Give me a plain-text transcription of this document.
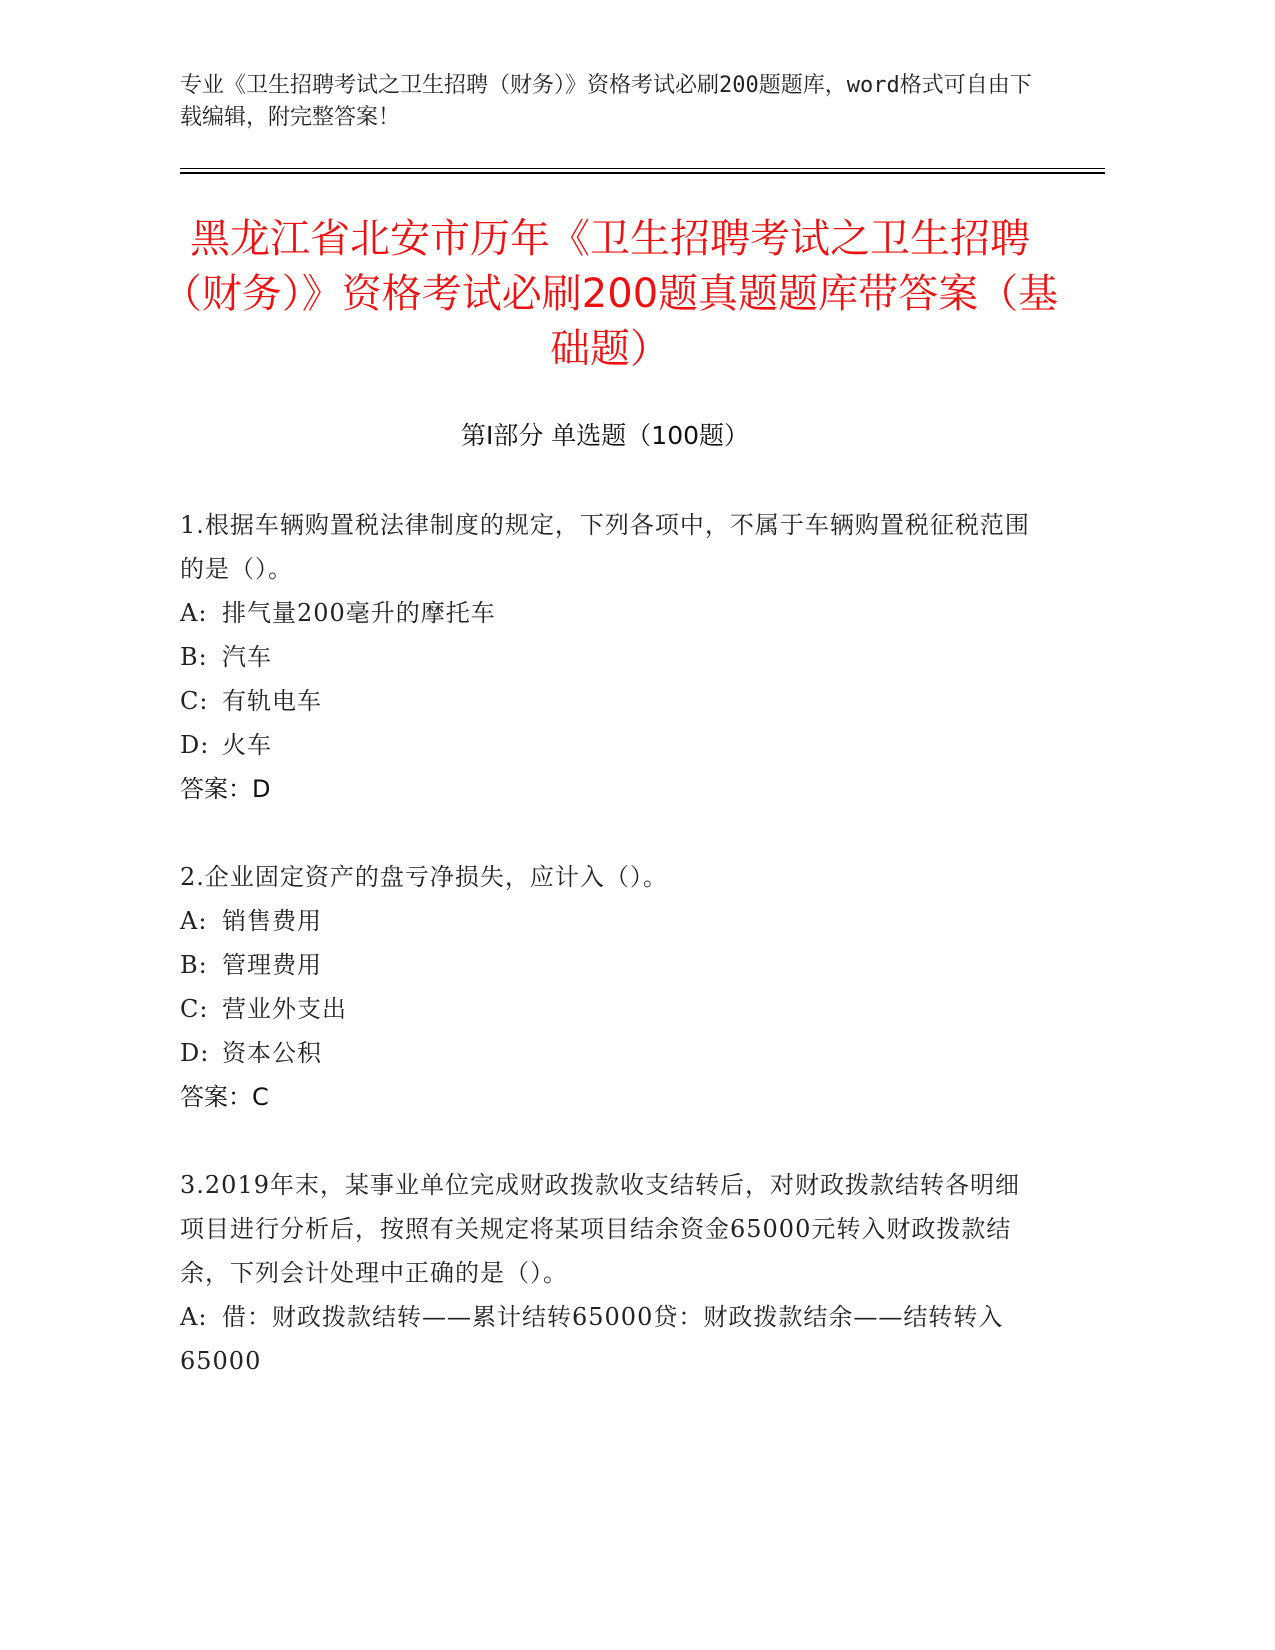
专业《卫生招聘考试之卫生招聘（财务）》资格考试必刷200题题库，word格式可自由下载编辑，附完整答案！
黑龙江省北安市历年《卫生招聘考试之卫生招聘（财务）》资格考试必刷200题真题题库带答案（基础题）
第Ⅰ部分 单选题（100题）
1.根据车辆购置税法律制度的规定，下列各项中，不属于车辆购置税征税范围的是（）。
A: 排气量200毫升的摩托车
B: 汽车
C: 有轨电车
D: 火车
答案：D
2.企业固定资产的盘亏净损失，应计入（）。
A: 销售费用
B: 管理费用
C: 营业外支出
D: 资本公积
答案：C
3.2019年末，某事业单位完成财政拨款收支结转后，对财政拨款结转各明细项目进行分析后，按照有关规定将某项目结余资金65000元转入财政拨款结余，下列会计处理中正确的是（）。
A: 借：财政拨款结转——累计结转65000贷：财政拨款结余——结转转入65000
